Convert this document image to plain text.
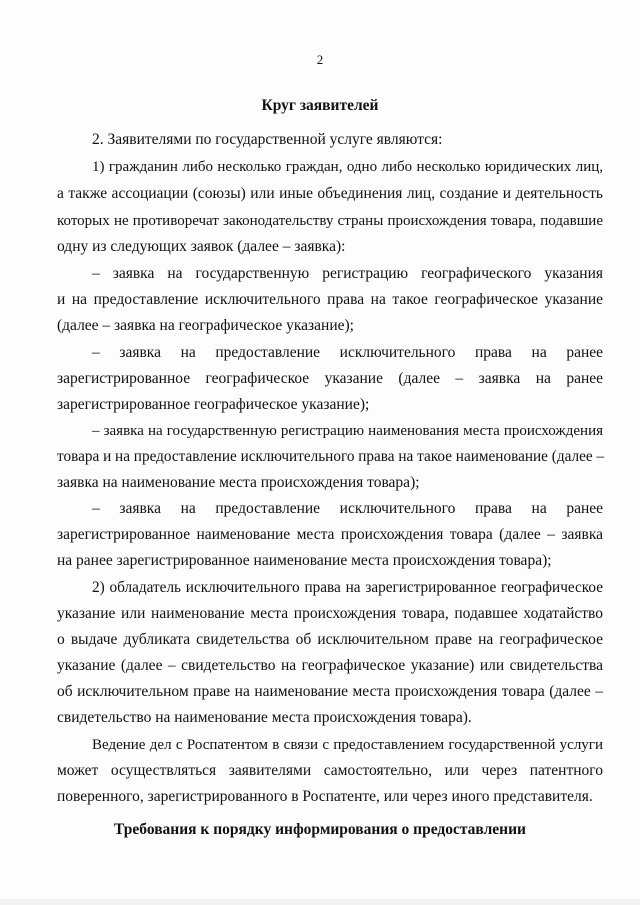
2
Круг заявителей
2. Заявителями по государственной услуге являются:
1) гражданин либо несколько граждан, одно либо несколько юридических лиц,
а также ассоциации (союзы) или иные объединения лиц, создание и деятельность
которых не противоречат законодательству страны происхождения товара, подавшие
одну из следующих заявок (далее – заявка):
– заявка на государственную регистрацию географического указания
и на предоставление исключительного права на такое географическое указание
(далее – заявка на географическое указание);
– заявка на предоставление исключительного права на ранее
зарегистрированное географическое указание (далее – заявка на ранее
зарегистрированное географическое указание);
– заявка на государственную регистрацию наименования места происхождения
товара и на предоставление исключительного права на такое наименование (далее –
заявка на наименование места происхождения товара);
– заявка на предоставление исключительного права на ранее
зарегистрированное наименование места происхождения товара (далее – заявка
на ранее зарегистрированное наименование места происхождения товара);
2) обладатель исключительного права на зарегистрированное географическое
указание или наименование места происхождения товара, подавшее ходатайство
о выдаче дубликата свидетельства об исключительном праве на географическое
указание (далее – свидетельство на географическое указание) или свидетельства
об исключительном праве на наименование места происхождения товара (далее –
свидетельство на наименование места происхождения товара).
Ведение дел с Роспатентом в связи с предоставлением государственной услуги
может осуществляться заявителями самостоятельно, или через патентного
поверенного, зарегистрированного в Роспатенте, или через иного представителя.
Требования к порядку информирования о предоставлении
